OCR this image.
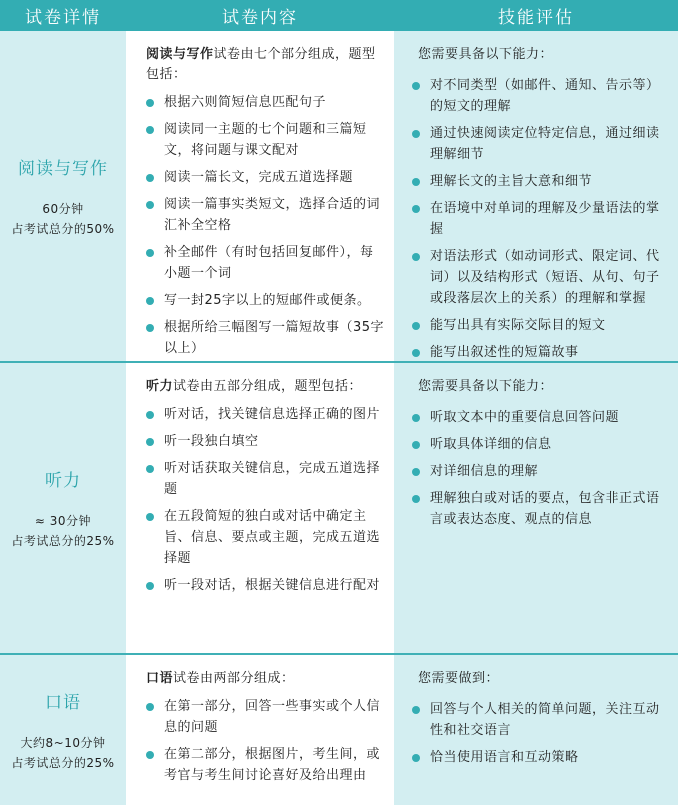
试卷详情	试卷内容	技能评估
阅读与写作
60分钟
占考试总分的50%
阅读与写作试卷由七个部分组成，题型包括：
根据六则简短信息匹配句子
阅读同一主题的七个问题和三篇短文，将问题与课文配对
阅读一篇长文，完成五道选择题
阅读一篇事实类短文，选择合适的词汇补全空格
补全邮件（有时包括回复邮件），每小题一个词
写一封25字以上的短邮件或便条。
根据所给三幅图写一篇短故事（35字以上）
您需要具备以下能力：
对不同类型（如邮件、通知、告示等）的短文的理解
通过快速阅读定位特定信息，通过细读理解细节
理解长文的主旨大意和细节
在语境中对单词的理解及少量语法的掌握
对语法形式（如动词形式、限定词、代词）以及结构形式（短语、从句、句子或段落层次上的关系）的理解和掌握
能写出具有实际交际目的短文
能写出叙述性的短篇故事
听力
≈ 30分钟
占考试总分的25%
听力试卷由五部分组成，题型包括：
听对话，找关键信息选择正确的图片
听一段独白填空
听对话获取关键信息，完成五道选择题
在五段简短的独白或对话中确定主旨、信息、要点或主题，完成五道选择题
听一段对话，根据关键信息进行配对
您需要具备以下能力：
听取文本中的重要信息回答问题
听取具体详细的信息
对详细信息的理解
理解独白或对话的要点，包含非正式语言或表达态度、观点的信息
口语
大约8~10分钟
占考试总分的25%
口语试卷由两部分组成：
在第一部分，回答一些事实或个人信息的问题
在第二部分，根据图片，考生间，或考官与考生间讨论喜好及给出理由
您需要做到：
回答与个人相关的简单问题，关注互动性和社交语言
恰当使用语言和互动策略
